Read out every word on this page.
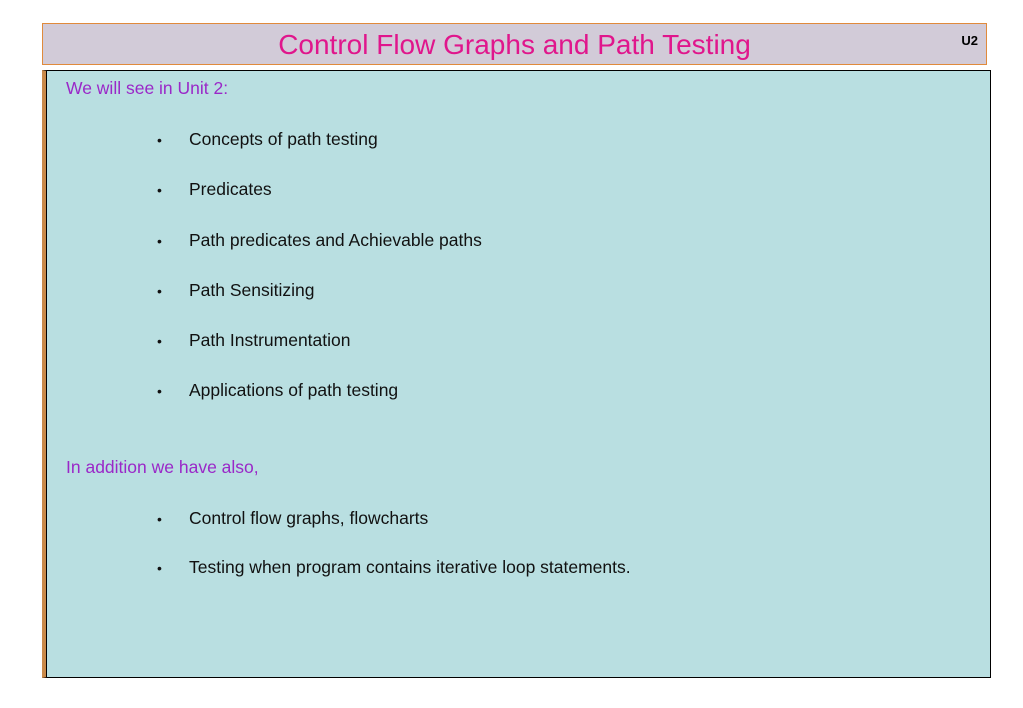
Control Flow Graphs and Path Testing	U2
We will see in Unit 2:
• Concepts of path testing
• Predicates
• Path predicates and Achievable paths
• Path Sensitizing
• Path Instrumentation
• Applications of path testing
In addition we have also,
• Control flow graphs, flowcharts
• Testing when program contains iterative loop statements.
